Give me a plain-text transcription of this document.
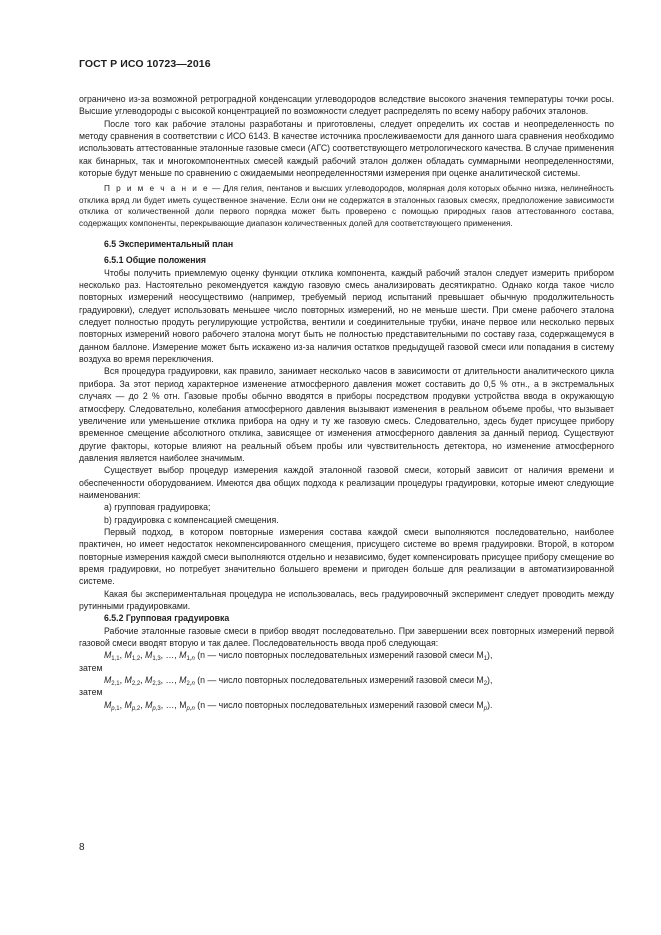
ГОСТ Р ИСО 10723—2016

ограничено из-за возможной ретроградной конденсации углеводородов вследствие высокого значения температуры точки росы. Высшие углеводороды с высокой концентрацией по возможности следует распределять по всему набору рабочих эталонов.

После того как рабочие эталоны разработаны и приготовлены, следует определить их состав и неопределенность по методу сравнения в соответствии с ИСО 6143. В качестве источника прослеживаемости для данного шага сравнения необходимо использовать аттестованные эталонные газовые смеси (АГС) соответствующего метрологического качества. В случае применения как бинарных, так и многокомпонентных смесей каждый рабочий эталон должен обладать суммарными неопределенностями, которые будут меньше по сравнению с ожидаемыми неопределенностями измерения при оценке аналитической системы.

П р и м е ч а н и е — Для гелия, пентанов и высших углеводородов, молярная доля которых обычно низка, нелинейность отклика вряд ли будет иметь существенное значение. Если они не содержатся в эталонных газовых смесях, предположение зависимости отклика от количественной доли первого порядка может быть проверено с помощью природных газов аттестованного состава, содержащих компоненты, перекрывающие диапазон количественных долей для соответствующего применения.

6.5 Экспериментальный план

6.5.1 Общие положения

Чтобы получить приемлемую оценку функции отклика компонента, каждый рабочий эталон следует измерить прибором несколько раз. Настоятельно рекомендуется каждую газовую смесь анализировать десятикратно. Однако когда такое число повторных измерений неосуществимо (например, требуемый период испытаний превышает обычную продолжительность градуировки), следует использовать меньшее число повторных измерений, но не меньше шести. При смене рабочего эталона следует полностью продуть регулирующие устройства, вентили и соединительные трубки, иначе первое или несколько первых повторных измерений нового рабочего эталона могут быть не полностью представительными по составу газа, содержащемуся в данном баллоне. Измерение может быть искажено из-за наличия остатков предыдущей газовой смеси или попадания в систему воздуха во время переключения.

Вся процедура градуировки, как правило, занимает несколько часов в зависимости от длительности аналитического цикла прибора. За этот период характерное изменение атмосферного давления может составить до 0,5 % отн., а в экстремальных случаях — до 2 % отн. Газовые пробы обычно вводятся в приборы посредством продувки устройства ввода в окружающую атмосферу. Следовательно, колебания атмосферного давления вызывают изменения в реальном объеме пробы, что вызывает увеличение или уменьшение отклика прибора на одну и ту же газовую смесь. Следовательно, здесь будет присущее прибору временное смещение абсолютного отклика, зависящее от изменения атмосферного давления за данный период. Существуют другие факторы, которые влияют на реальный объем пробы или чувствительность детектора, но изменение атмосферного давления является наиболее значимым.

Существует выбор процедур измерения каждой эталонной газовой смеси, который зависит от наличия времени и обеспеченности оборудованием. Имеются два общих подхода к реализации процедуры градуировки, которые имеют следующие наименования:

a) групповая градуировка;

b) градуировка с компенсацией смещения.

Первый подход, в котором повторные измерения состава каждой смеси выполняются последовательно, наиболее практичен, но имеет недостаток некомпенсированного смещения, присущего системе во время градуировки. Второй, в котором повторные измерения каждой смеси выполняются отдельно и независимо, будет компенсировать присущее прибору смещение во время градуировки, но потребует значительно большего времени и пригоден больше для реализации в автоматизированной системе.

Какая бы экспериментальная процедура не использовалась, весь градуировочный эксперимент следует проводить между рутинными градуировками.

6.5.2 Групповая градуировка

Рабочие эталонные газовые смеси в прибор вводят последовательно. При завершении всех повторных измерений первой газовой смеси вводят вторую и так далее. Последовательность ввода проб следующая:

$M_{1,1}$, $M_{1,2}$, $M_{1,3}$, …, $M_{1,n}$ (n — число повторных последовательных измерений газовой смеси $M_1$),

затем

$M_{2,1}$, $M_{2,2}$, $M_{2,3}$, …, $M_{2,n}$ (n — число повторных последовательных измерений газовой смеси $M_2$),

затем

$M_{p,1}$, $M_{p,2}$, $M_{p,3}$, …, $M_{p,n}$ (n — число повторных последовательных измерений газовой смеси $M_p$).

8
